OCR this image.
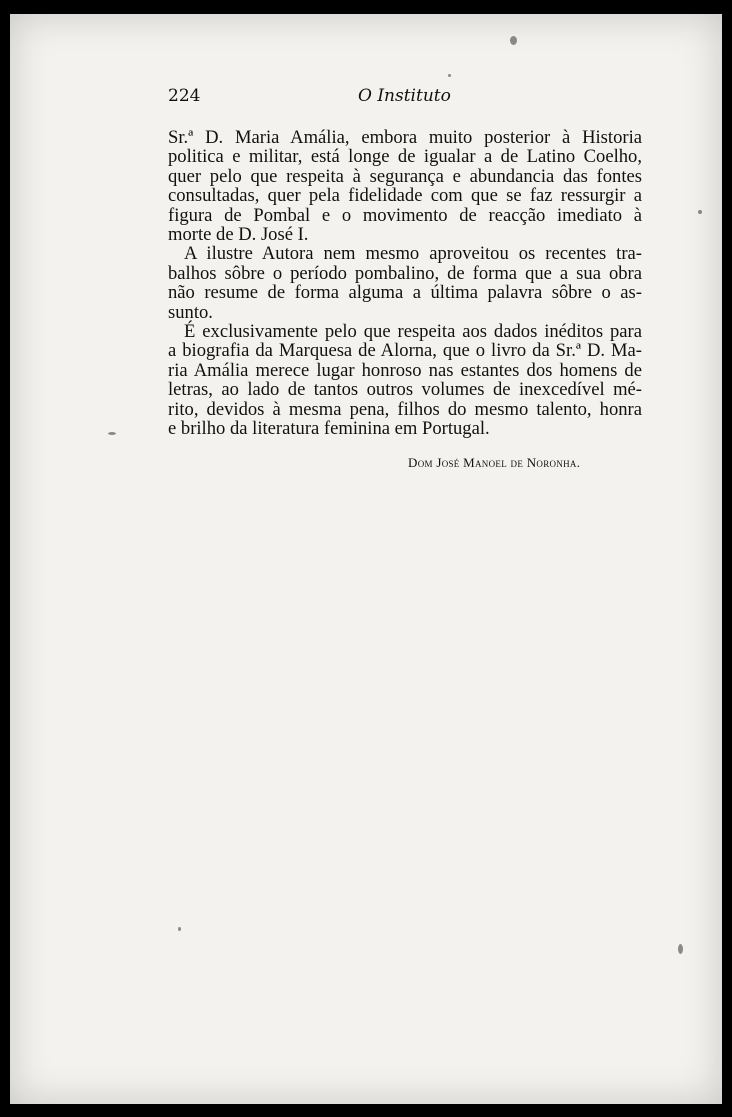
224	O Instituto

Sr.ª D. Maria Amália, embora muito posterior à Historia
politica e militar, está longe de igualar a de Latino Coelho,
quer pelo que respeita à segurança e abundancia das fontes
consultadas, quer pela fidelidade com que se faz ressurgir a
figura de Pombal e o movimento de reacção imediato à
morte de D. José I.

A ilustre Autora nem mesmo aproveitou os recentes tra-
balhos sôbre o período pombalino, de forma que a sua obra
não resume de forma alguma a última palavra sôbre o as-
sunto.

É exclusivamente pelo que respeita aos dados inéditos para
a biografia da Marquesa de Alorna, que o livro da Sr.ª D. Ma-
ria Amália merece lugar honroso nas estantes dos homens de
letras, ao lado de tantos outros volumes de inexcedível mé-
rito, devidos à mesma pena, filhos do mesmo talento, honra
e brilho da literatura feminina em Portugal.

Dom José Manoel de Noronha.
